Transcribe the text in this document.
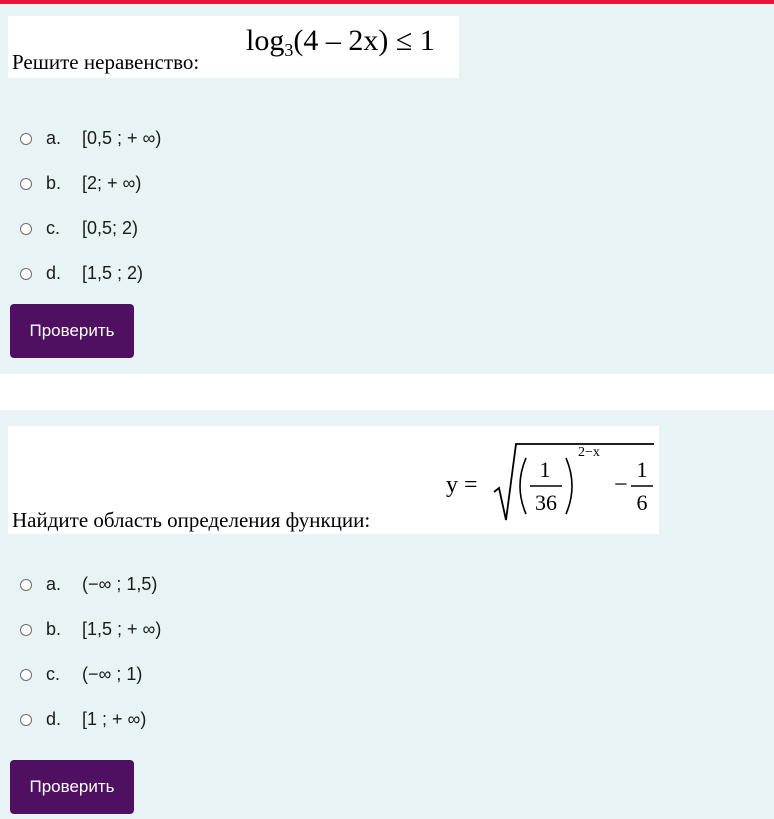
Решите неравенство:
$\log_3(4 - 2x) \le 1$
a.	[0,5 ; + ∞)
b.	[2; + ∞)
c.	[0,5; 2)
d.	[1,5 ; 2)
Проверить
Найдите область определения функции:
y =
1
36
2−x
−
1
6
a.	(−∞ ; 1,5)
b.	[1,5 ; + ∞)
c.	(−∞ ; 1)
d.	[1 ; + ∞)
Проверить
